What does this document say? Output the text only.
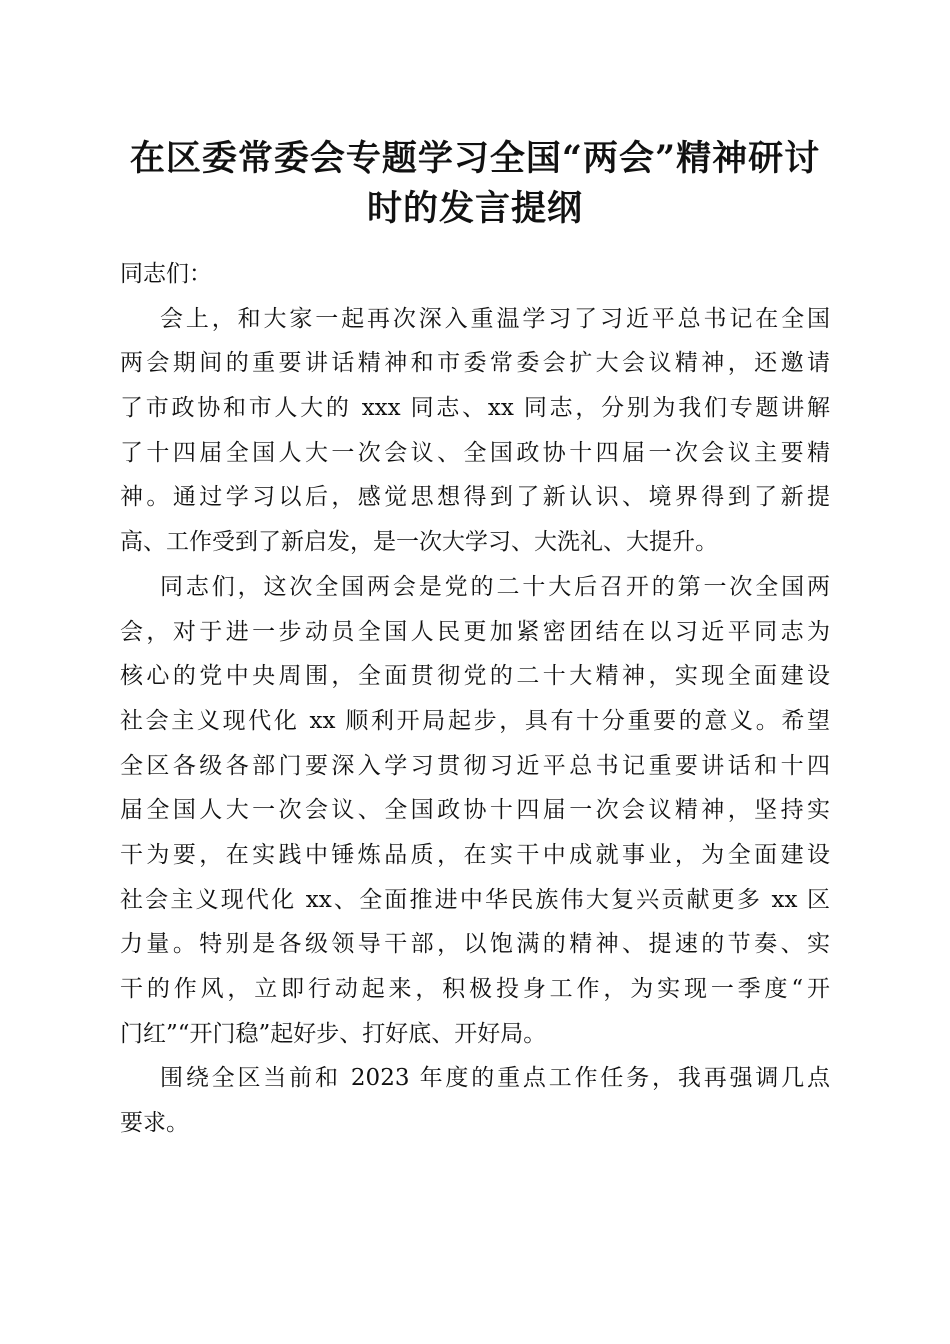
在区委常委会专题学习全国“两会”精神研讨
时的发言提纲
同志们：
会上，和大家一起再次深入重温学习了习近平总书记在全国
两会期间的重要讲话精神和市委常委会扩大会议精神，还邀请
了市政协和市人大的 xxx 同志、xx 同志，分别为我们专题讲解
了十四届全国人大一次会议、全国政协十四届一次会议主要精
神。通过学习以后，感觉思想得到了新认识、境界得到了新提
高、工作受到了新启发，是一次大学习、大洗礼、大提升。
同志们，这次全国两会是党的二十大后召开的第一次全国两
会，对于进一步动员全国人民更加紧密团结在以习近平同志为
核心的党中央周围，全面贯彻党的二十大精神，实现全面建设
社会主义现代化 xx 顺利开局起步，具有十分重要的意义。希望
全区各级各部门要深入学习贯彻习近平总书记重要讲话和十四
届全国人大一次会议、全国政协十四届一次会议精神，坚持实
干为要，在实践中锤炼品质，在实干中成就事业，为全面建设
社会主义现代化 xx、全面推进中华民族伟大复兴贡献更多 xx 区
力量。特别是各级领导干部，以饱满的精神、提速的节奏、实
干的作风，立即行动起来，积极投身工作，为实现一季度“开
门红”“开门稳”起好步、打好底、开好局。
围绕全区当前和 2023 年度的重点工作任务，我再强调几点
要求。
